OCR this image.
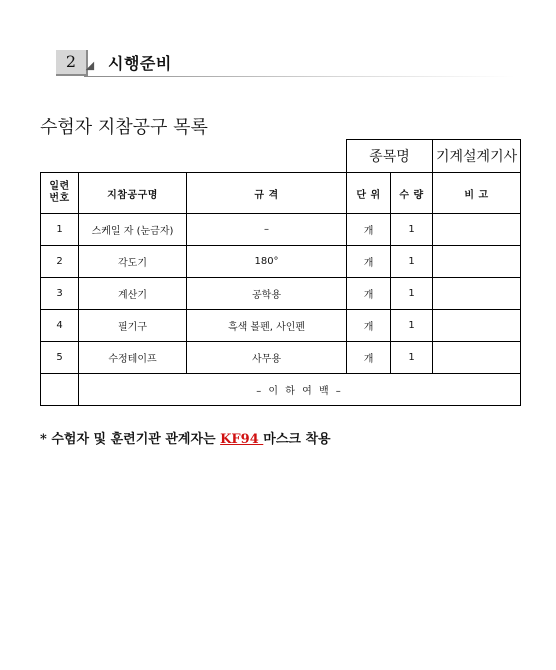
2	시행준비
수험자 지참공구 목록
			종목명		기계설계기사
일련
번호	지참공구명	규 격	단 위	수 량	비 고
1	스케일 자 (눈금자)	–	개	1	
2	각도기	180°	개	1	
3	계산기	공학용	개	1	
4	필기구	흑색 볼펜, 사인펜	개	1	
5	수정테이프	사무용	개	1	
	– 이 하 여 백 –				
* 수험자 및 훈련기관 관계자는 KF94 마스크 착용
